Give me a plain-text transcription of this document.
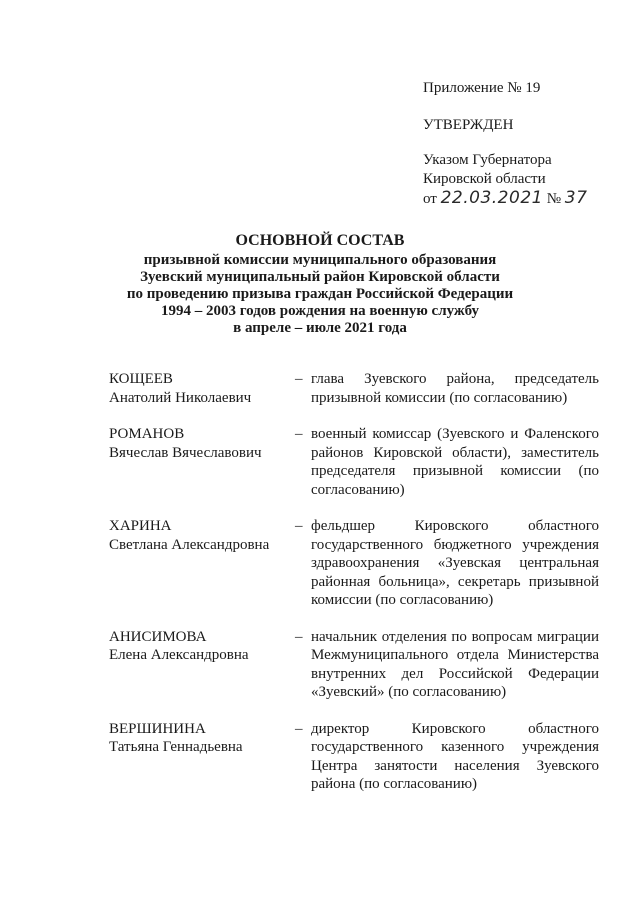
Приложение № 19
УТВЕРЖДЕН
Указом Губернатора
Кировской области
от 22.03.2021 № 37
ОСНОВНОЙ СОСТАВ
призывной комиссии муниципального образования
Зуевский муниципальный район Кировской области
по проведению призыва граждан Российской Федерации
1994 – 2003 годов рождения на военную службу
в апреле – июле 2021 года
КОЩЕЕВ
Анатолий Николаевич
– глава Зуевского района, председатель призывной комиссии (по согласованию)
РОМАНОВ
Вячеслав Вячеславович
– военный комиссар (Зуевского и Фаленского районов Кировской области), заместитель председателя призывной комиссии (по согласованию)
ХАРИНА
Светлана Александровна
– фельдшер Кировского областного государственного бюджетного учреждения здравоохранения «Зуевская центральная районная больница», секретарь призывной комиссии (по согласованию)
АНИСИМОВА
Елена Александровна
– начальник отделения по вопросам миграции Межмуниципального отдела Министерства внутренних дел Российской Федерации «Зуевский» (по согласованию)
ВЕРШИНИНА
Татьяна Геннадьевна
– директор Кировского областного государственного казенного учреждения Центра занятости населения Зуевского района (по согласованию)
